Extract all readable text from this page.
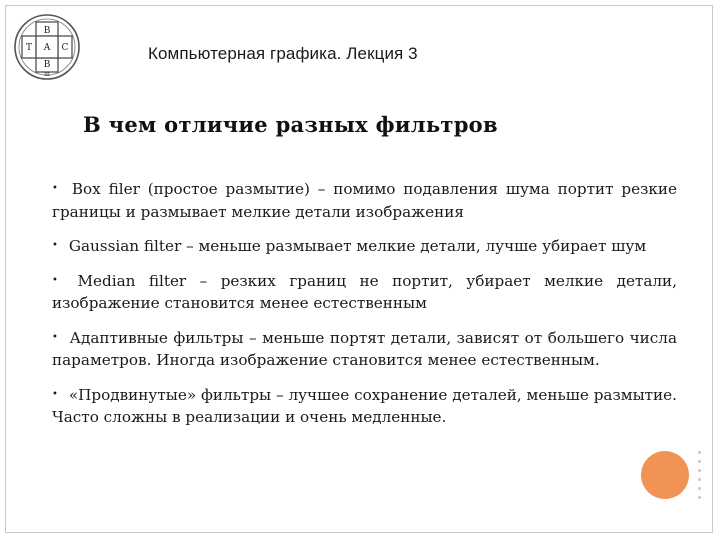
В
Т А С
В
Ш
Компьютерная графика. Лекция 3
В чем отличие разных фильтров
• Box filer (простое размытие) – помимо подавления шума портит резкие границы и размывает мелкие детали изображения
• Gaussian filter – меньше размывает мелкие детали, лучше убирает шум
• Median filter – резких границ не портит, убирает мелкие детали, изображение становится менее естественным
• Адаптивные фильтры – меньше портят детали, зависят от большего числа параметров. Иногда изображение становится менее естественным.
• «Продвинутые» фильтры – лучшее сохранение деталей, меньше размытие. Часто сложны в реализации и очень медленные.
